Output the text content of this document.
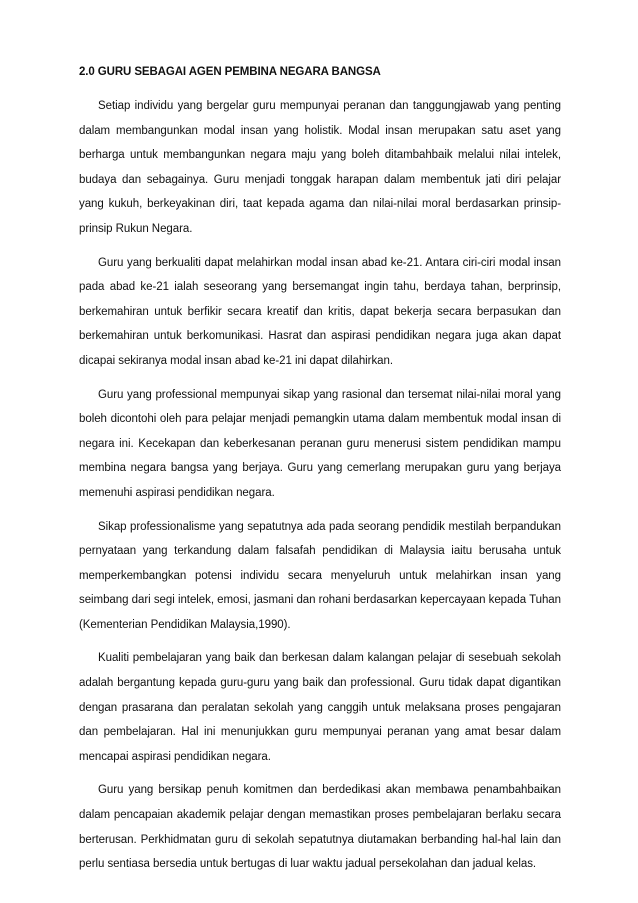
2.0 GURU SEBAGAI AGEN PEMBINA NEGARA BANGSA

Setiap individu yang bergelar guru mempunyai peranan dan tanggungjawab yang penting dalam membangunkan modal insan yang holistik. Modal insan merupakan satu aset yang berharga untuk membangunkan negara maju yang boleh ditambahbaik melalui nilai intelek, budaya dan sebagainya. Guru menjadi tonggak harapan dalam membentuk jati diri pelajar yang kukuh, berkeyakinan diri, taat kepada agama dan nilai-nilai moral berdasarkan prinsip-prinsip Rukun Negara.

Guru yang berkualiti dapat melahirkan modal insan abad ke-21. Antara ciri-ciri modal insan pada abad ke-21 ialah seseorang yang bersemangat ingin tahu, berdaya tahan, berprinsip, berkemahiran untuk berfikir secara kreatif dan kritis, dapat bekerja secara berpasukan dan berkemahiran untuk berkomunikasi. Hasrat dan aspirasi pendidikan negara juga akan dapat dicapai sekiranya modal insan abad ke-21 ini dapat dilahirkan.

Guru yang professional mempunyai sikap yang rasional dan tersemat nilai-nilai moral yang boleh dicontohi oleh para pelajar menjadi pemangkin utama dalam membentuk modal insan di negara ini. Kecekapan dan keberkesanan peranan guru menerusi sistem pendidikan mampu membina negara bangsa yang berjaya. Guru yang cemerlang merupakan guru yang berjaya memenuhi aspirasi pendidikan negara.

Sikap professionalisme yang sepatutnya ada pada seorang pendidik mestilah berpandukan pernyataan yang terkandung dalam falsafah pendidikan di Malaysia iaitu berusaha untuk memperkembangkan potensi individu secara menyeluruh untuk melahirkan insan yang seimbang dari segi intelek, emosi, jasmani dan rohani berdasarkan kepercayaan kepada Tuhan (Kementerian Pendidikan Malaysia,1990).

Kualiti pembelajaran yang baik dan berkesan dalam kalangan pelajar di sesebuah sekolah adalah bergantung kepada guru-guru yang baik dan professional. Guru tidak dapat digantikan dengan prasarana dan peralatan sekolah yang canggih untuk melaksana proses pengajaran dan pembelajaran. Hal ini menunjukkan guru mempunyai peranan yang amat besar dalam mencapai aspirasi pendidikan negara.

Guru yang bersikap penuh komitmen dan berdedikasi akan membawa penambahbaikan dalam pencapaian akademik pelajar dengan memastikan proses pembelajaran berlaku secara berterusan. Perkhidmatan guru di sekolah sepatutnya diutamakan berbanding hal-hal lain dan perlu sentiasa bersedia untuk bertugas di luar waktu jadual persekolahan dan jadual kelas.
